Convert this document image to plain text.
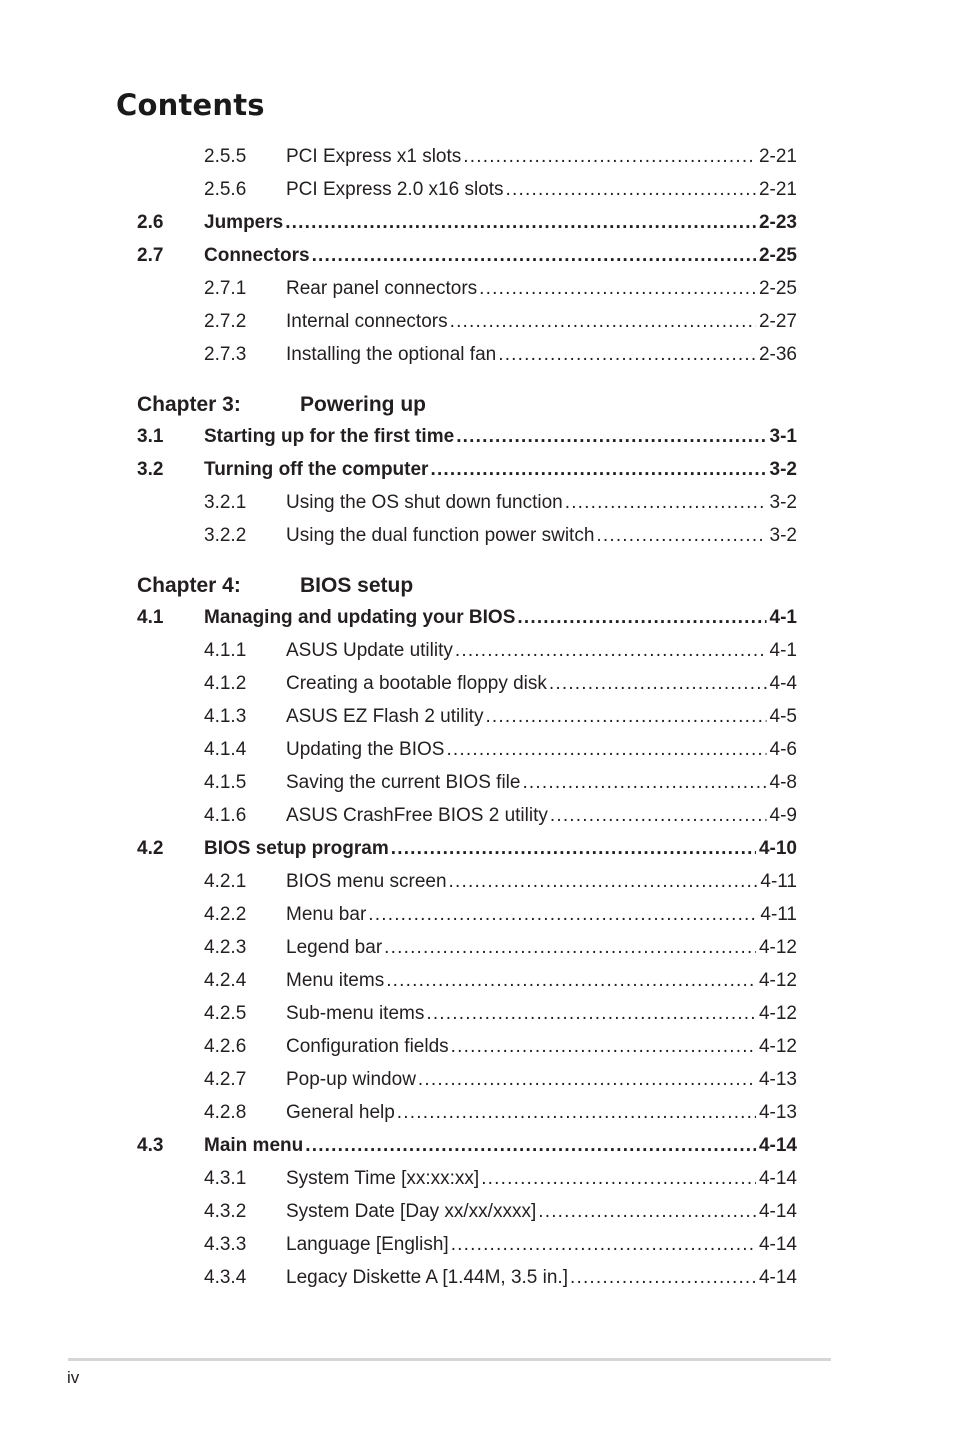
Contents
2.5.5 PCI Express x1 slots .....	2-21
2.5.6 PCI Express 2.0 x16 slots .....	2-21
2.6 Jumpers .....	2-23
2.7 Connectors .....	2-25
2.7.1 Rear panel connectors .....	2-25
2.7.2 Internal connectors .....	2-27
2.7.3 Installing the optional fan .....	2-36
Chapter 3:	Powering up
3.1 Starting up for the first time .....	3-1
3.2 Turning off the computer .....	3-2
3.2.1 Using the OS shut down function .....	3-2
3.2.2 Using the dual function power switch .....	3-2
Chapter 4:	BIOS setup
4.1 Managing and updating your BIOS .....	4-1
4.1.1 ASUS Update utility .....	4-1
4.1.2 Creating a bootable floppy disk .....	4-4
4.1.3 ASUS EZ Flash 2 utility .....	4-5
4.1.4 Updating the BIOS .....	4-6
4.1.5 Saving the current BIOS file .....	4-8
4.1.6 ASUS CrashFree BIOS 2 utility .....	4-9
4.2 BIOS setup program .....	4-10
4.2.1 BIOS menu screen .....	4-11
4.2.2 Menu bar .....	4-11
4.2.3 Legend bar .....	4-12
4.2.4 Menu items .....	4-12
4.2.5 Sub-menu items .....	4-12
4.2.6 Configuration fields .....	4-12
4.2.7 Pop-up window .....	4-13
4.2.8 General help .....	4-13
4.3 Main menu .....	4-14
4.3.1 System Time [xx:xx:xx] .....	4-14
4.3.2 System Date [Day xx/xx/xxxx] .....	4-14
4.3.3 Language [English] .....	4-14
4.3.4 Legacy Diskette A [1.44M, 3.5 in.] .....	4-14
iv
